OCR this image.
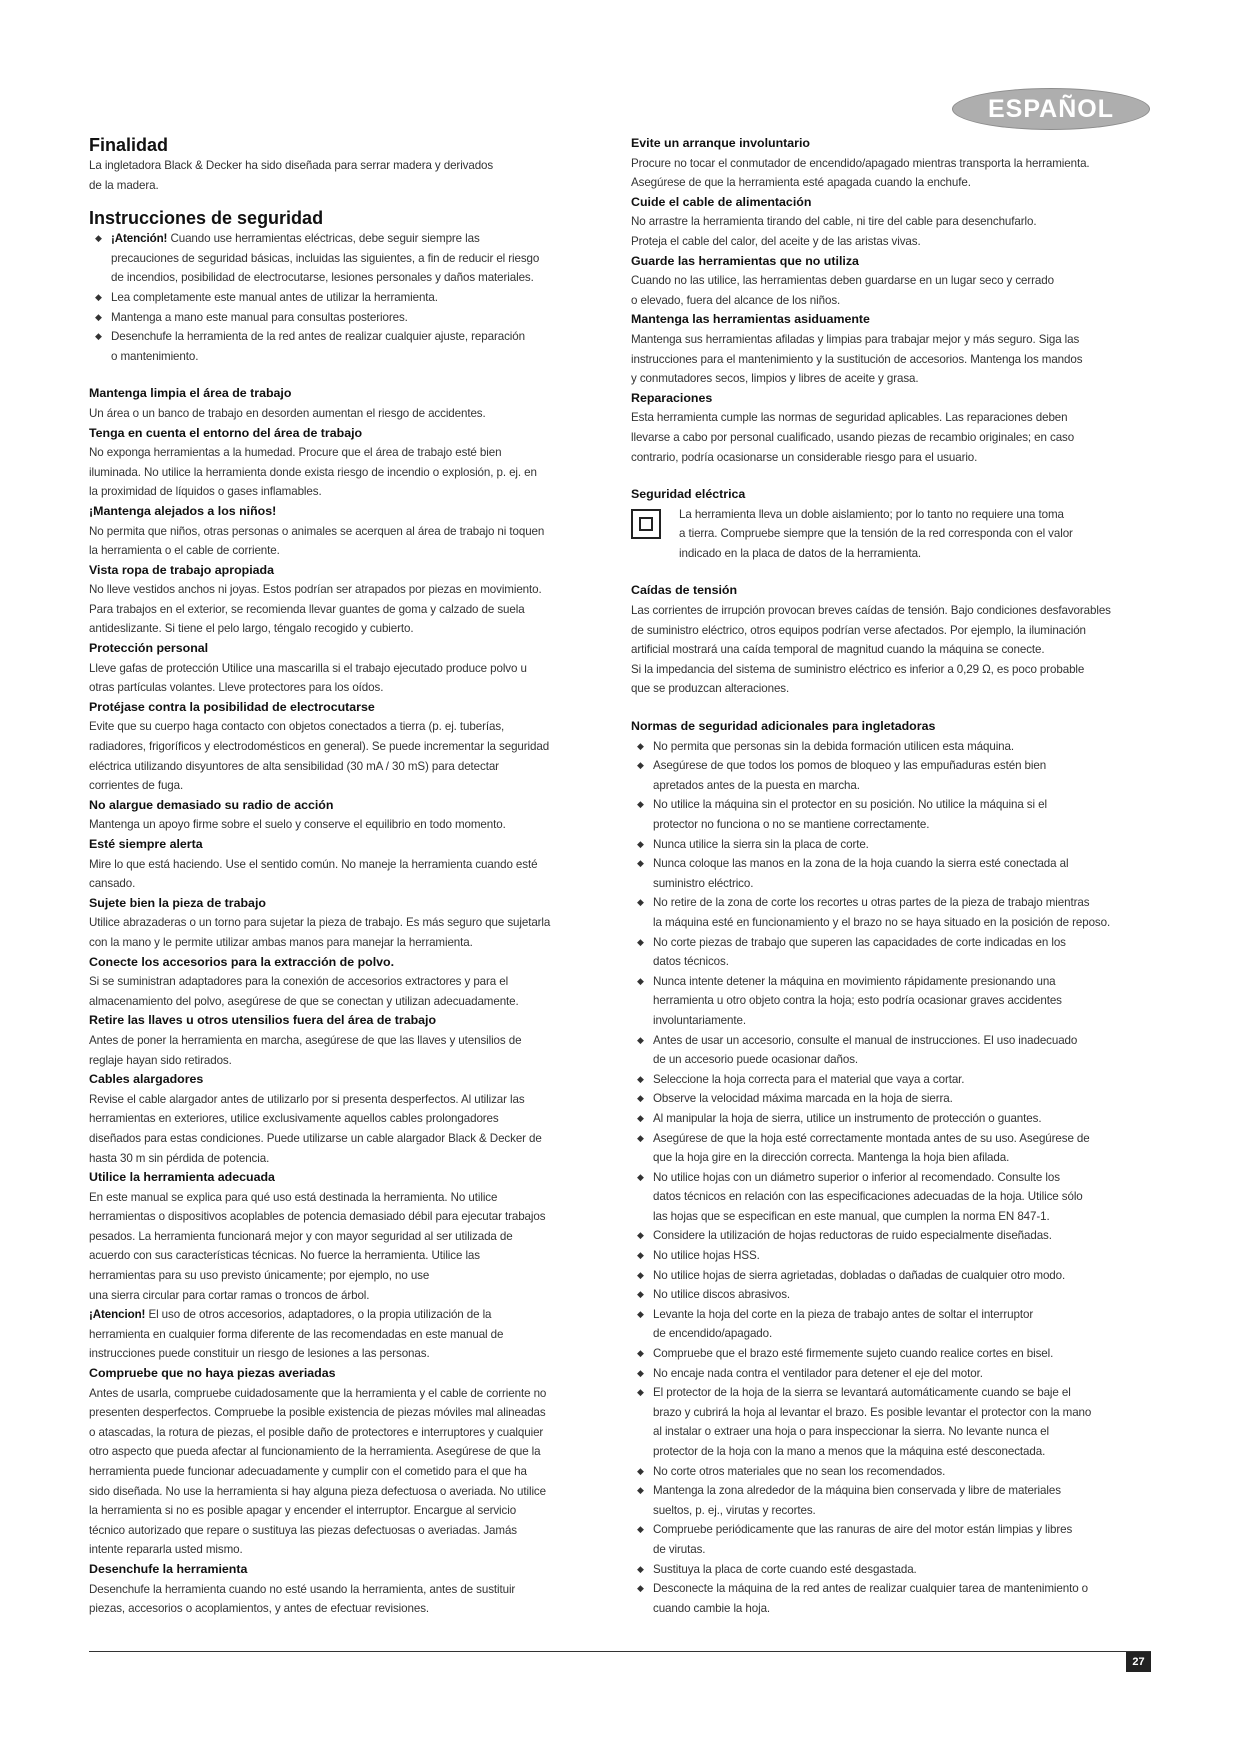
ESPAÑOL
Finalidad

La ingletadora Black & Decker ha sido diseñada para serrar madera y derivados

de la madera.

Instrucciones de seguridad
◆ ¡Atención! Cuando use herramientas eléctricas, debe seguir siempre las
precauciones de seguridad básicas, incluidas las siguientes, a fin de reducir el riesgo
de incendios, posibilidad de electrocutarse, lesiones personales y daños materiales.
◆ Lea completamente este manual antes de utilizar la herramienta.
◆ Mantenga a mano este manual para consultas posteriores.
◆ Desenchufe la herramienta de la red antes de realizar cualquier ajuste, reparación
o mantenimiento.
Mantenga limpia el área de trabajo

Un área o un banco de trabajo en desorden aumentan el riesgo de accidentes.

Tenga en cuenta el entorno del área de trabajo

No exponga herramientas a la humedad. Procure que el área de trabajo esté bien

iluminada. No utilice la herramienta donde exista riesgo de incendio o explosión, p. ej. en

la proximidad de líquidos o gases inflamables.

¡Mantenga alejados a los niños!

No permita que niños, otras personas o animales se acerquen al área de trabajo ni toquen

la herramienta o el cable de corriente.

Vista ropa de trabajo apropiada

No lleve vestidos anchos ni joyas. Estos podrían ser atrapados por piezas en movimiento.

Para trabajos en el exterior, se recomienda llevar guantes de goma y calzado de suela

antideslizante. Si tiene el pelo largo, téngalo recogido y cubierto.

Protección personal

Lleve gafas de protección Utilice una mascarilla si el trabajo ejecutado produce polvo u

otras partículas volantes. Lleve protectores para los oídos.

Protéjase contra la posibilidad de electrocutarse

Evite que su cuerpo haga contacto con objetos conectados a tierra (p. ej. tuberías,

radiadores, frigoríficos y electrodomésticos en general). Se puede incrementar la seguridad

eléctrica utilizando disyuntores de alta sensibilidad (30 mA / 30 mS) para detectar

corrientes de fuga.

No alargue demasiado su radio de acción

Mantenga un apoyo firme sobre el suelo y conserve el equilibrio en todo momento.

Esté siempre alerta

Mire lo que está haciendo. Use el sentido común. No maneje la herramienta cuando esté

cansado.

Sujete bien la pieza de trabajo

Utilice abrazaderas o un torno para sujetar la pieza de trabajo. Es más seguro que sujetarla

con la mano y le permite utilizar ambas manos para manejar la herramienta.

Conecte los accesorios para la extracción de polvo.

Si se suministran adaptadores para la conexión de accesorios extractores y para el

almacenamiento del polvo, asegúrese de que se conectan y utilizan adecuadamente.

Retire las llaves u otros utensilios fuera del área de trabajo

Antes de poner la herramienta en marcha, asegúrese de que las llaves y utensilios de

reglaje hayan sido retirados.

Cables alargadores

Revise el cable alargador antes de utilizarlo por si presenta desperfectos. Al utilizar las

herramientas en exteriores, utilice exclusivamente aquellos cables prolongadores

diseñados para estas condiciones. Puede utilizarse un cable alargador Black & Decker de

hasta 30 m sin pérdida de potencia.

Utilice la herramienta adecuada

En este manual se explica para qué uso está destinada la herramienta. No utilice

herramientas o dispositivos acoplables de potencia demasiado débil para ejecutar trabajos

pesados. La herramienta funcionará mejor y con mayor seguridad al ser utilizada de

acuerdo con sus características técnicas. No fuerce la herramienta. Utilice las

herramientas para su uso previsto únicamente; por ejemplo, no use

una sierra circular para cortar ramas o troncos de árbol.

¡Atencion! El uso de otros accesorios, adaptadores, o la propia utilización de la

herramienta en cualquier forma diferente de las recomendadas en este manual de

instrucciones puede constituir un riesgo de lesiones a las personas.

Compruebe que no haya piezas averiadas

Antes de usarla, compruebe cuidadosamente que la herramienta y el cable de corriente no

presenten desperfectos. Compruebe la posible existencia de piezas móviles mal alineadas

o atascadas, la rotura de piezas, el posible daño de protectores e interruptores y cualquier

otro aspecto que pueda afectar al funcionamiento de la herramienta. Asegúrese de que la

herramienta puede funcionar adecuadamente y cumplir con el cometido para el que ha

sido diseñada. No use la herramienta si hay alguna pieza defectuosa o averiada. No utilice

la herramienta si no es posible apagar y encender el interruptor. Encargue al servicio

técnico autorizado que repare o sustituya las piezas defectuosas o averiadas. Jamás

intente repararla usted mismo.

Desenchufe la herramienta

Desenchufe la herramienta cuando no esté usando la herramienta, antes de sustituir

piezas, accesorios o acoplamientos, y antes de efectuar revisiones.

Evite un arranque involuntario

Procure no tocar el conmutador de encendido/apagado mientras transporta la herramienta.

Asegúrese de que la herramienta esté apagada cuando la enchufe.

Cuide el cable de alimentación

No arrastre la herramienta tirando del cable, ni tire del cable para desenchufarlo.

Proteja el cable del calor, del aceite y de las aristas vivas.

Guarde las herramientas que no utiliza

Cuando no las utilice, las herramientas deben guardarse en un lugar seco y cerrado

o elevado, fuera del alcance de los niños.

Mantenga las herramientas asiduamente

Mantenga sus herramientas afiladas y limpias para trabajar mejor y más seguro. Siga las

instrucciones para el mantenimiento y la sustitución de accesorios. Mantenga los mandos

y conmutadores secos, limpios y libres de aceite y grasa.

Reparaciones

Esta herramienta cumple las normas de seguridad aplicables. Las reparaciones deben

llevarse a cabo por personal cualificado, usando piezas de recambio originales; en caso

contrario, podría ocasionarse un considerable riesgo para el usuario.

Seguridad eléctrica

La herramienta lleva un doble aislamiento; por lo tanto no requiere una toma

a tierra. Compruebe siempre que la tensión de la red corresponda con el valor

indicado en la placa de datos de la herramienta.

Caídas de tensión

Las corrientes de irrupción provocan breves caídas de tensión. Bajo condiciones desfavorables

de suministro eléctrico, otros equipos podrían verse afectados. Por ejemplo, la iluminación

artificial mostrará una caída temporal de magnitud cuando la máquina se conecte.

Si la impedancia del sistema de suministro eléctrico es inferior a 0,29 Ω, es poco probable

que se produzcan alteraciones.

Normas de seguridad adicionales para ingletadoras
◆ No permita que personas sin la debida formación utilicen esta máquina.
◆ Asegúrese de que todos los pomos de bloqueo y las empuñaduras estén bien
apretados antes de la puesta en marcha.
◆ No utilice la máquina sin el protector en su posición. No utilice la máquina si el
protector no funciona o no se mantiene correctamente.
◆ Nunca utilice la sierra sin la placa de corte.
◆ Nunca coloque las manos en la zona de la hoja cuando la sierra esté conectada al
suministro eléctrico.
◆ No retire de la zona de corte los recortes u otras partes de la pieza de trabajo mientras
la máquina esté en funcionamiento y el brazo no se haya situado en la posición de reposo.
◆ No corte piezas de trabajo que superen las capacidades de corte indicadas en los
datos técnicos.
◆ Nunca intente detener la máquina en movimiento rápidamente presionando una
herramienta u otro objeto contra la hoja; esto podría ocasionar graves accidentes
involuntariamente.
◆ Antes de usar un accesorio, consulte el manual de instrucciones. El uso inadecuado
de un accesorio puede ocasionar daños.
◆ Seleccione la hoja correcta para el material que vaya a cortar.
◆ Observe la velocidad máxima marcada en la hoja de sierra.
◆ Al manipular la hoja de sierra, utilice un instrumento de protección o guantes.
◆ Asegúrese de que la hoja esté correctamente montada antes de su uso. Asegúrese de
que la hoja gire en la dirección correcta. Mantenga la hoja bien afilada.
◆ No utilice hojas con un diámetro superior o inferior al recomendado. Consulte los
datos técnicos en relación con las especificaciones adecuadas de la hoja. Utilice sólo
las hojas que se especifican en este manual, que cumplen la norma EN 847-1.
◆ Considere la utilización de hojas reductoras de ruido especialmente diseñadas.
◆ No utilice hojas HSS.
◆ No utilice hojas de sierra agrietadas, dobladas o dañadas de cualquier otro modo.
◆ No utilice discos abrasivos.
◆ Levante la hoja del corte en la pieza de trabajo antes de soltar el interruptor
de encendido/apagado.
◆ Compruebe que el brazo esté firmemente sujeto cuando realice cortes en bisel.
◆ No encaje nada contra el ventilador para detener el eje del motor.
◆ El protector de la hoja de la sierra se levantará automáticamente cuando se baje el
brazo y cubrirá la hoja al levantar el brazo. Es posible levantar el protector con la mano
al instalar o extraer una hoja o para inspeccionar la sierra. No levante nunca el
protector de la hoja con la mano a menos que la máquina esté desconectada.
◆ No corte otros materiales que no sean los recomendados.
◆ Mantenga la zona alrededor de la máquina bien conservada y libre de materiales
sueltos, p. ej., virutas y recortes.
◆ Compruebe periódicamente que las ranuras de aire del motor están limpias y libres
de virutas.
◆ Sustituya la placa de corte cuando esté desgastada.
◆ Desconecte la máquina de la red antes de realizar cualquier tarea de mantenimiento o
cuando cambie la hoja.
27
